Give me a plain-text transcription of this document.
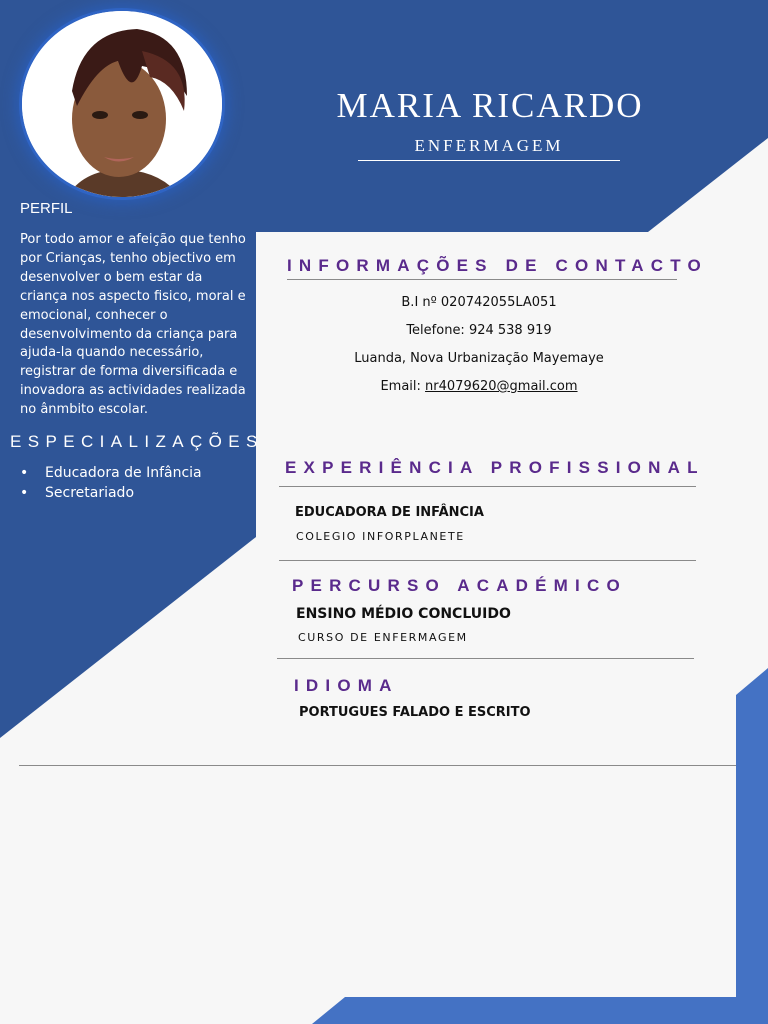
MARIA RICARDO
ENFERMAGEM
PERFIL
Por todo amor e afeição que tenho por Crianças, tenho objectivo em desenvolver o bem estar da criança nos aspecto fisico, moral e emocional, conhecer o desenvolvimento da criança para ajuda-la quando necessário, registrar de forma diversificada e inovadora as actividades realizada no ânmbito escolar.
ESPECIALIZAÇÕES
• Educadora de Infância
• Secretariado
INFORMAÇÕES DE CONTACTO
B.I nº 020742055LA051
Telefone: 924 538 919
Luanda, Nova Urbanização Mayemaye
Email: nr4079620@gmail.com
EXPERIÊNCIA PROFISSIONAL
EDUCADORA DE INFÂNCIA
COLEGIO INFORPLANETE
PERCURSO ACADÉMICO
ENSINO MÉDIO CONCLUIDO
CURSO DE ENFERMAGEM
IDIOMA
PORTUGUES FALADO E ESCRITO
